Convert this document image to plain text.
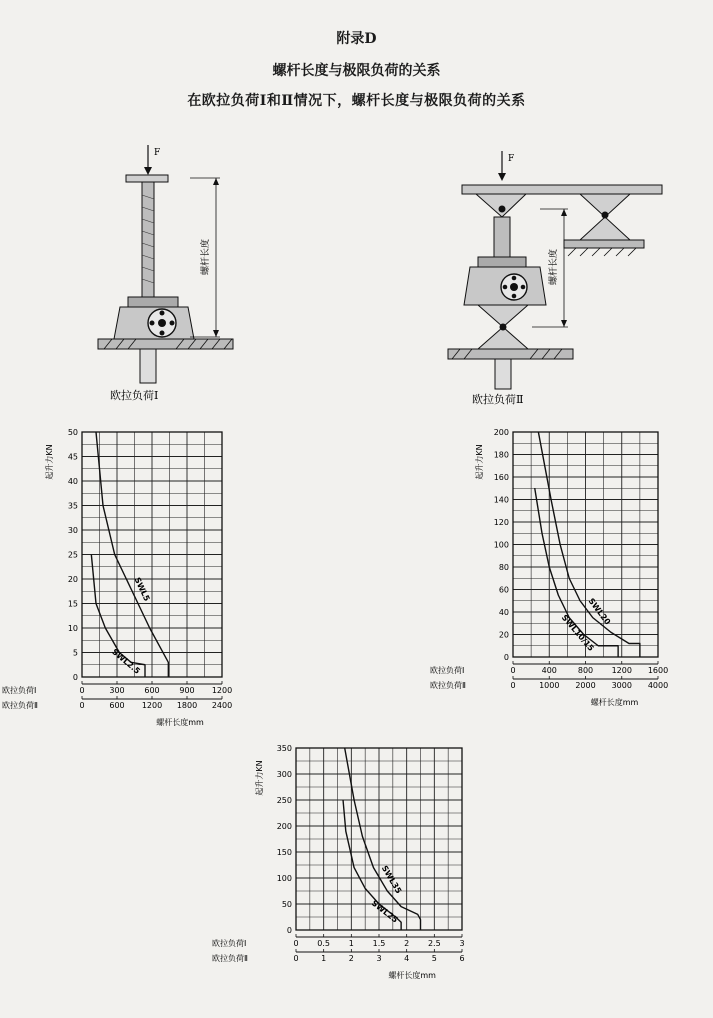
附录D
螺杆长度与极限负荷的关系
在欧拉负荷Ⅰ和Ⅱ情况下，螺杆长度与极限负荷的关系
F
螺杆长度
欧拉负荷Ⅰ
F
螺杆长度
欧拉负荷Ⅱ
0
5
10
15
20
25
30
35
40
45
50
起升力KN
0	300 600 900 1200
欧拉负荷Ⅰ
0	600 1200 1800 2400
欧拉负荷Ⅱ
螺杆长度mm
SWL5
SWL2.5	0
20
40
60
80
100
120
140
160
180
200
起升力KN
0	400	800 1200 1600
欧拉负荷Ⅰ
0	1000 2000 3000 4000
欧拉负荷Ⅱ
螺杆长度mm
SWL20
SWL10/15
0
50
100
150
200
250
300
350
起升力KN
0 0.5 1 1.5 2 2.5 3
欧拉负荷Ⅰ
0	1	2	3	4	5	6
欧拉负荷Ⅱ
螺杆长度mm
SWL35
SWL25
